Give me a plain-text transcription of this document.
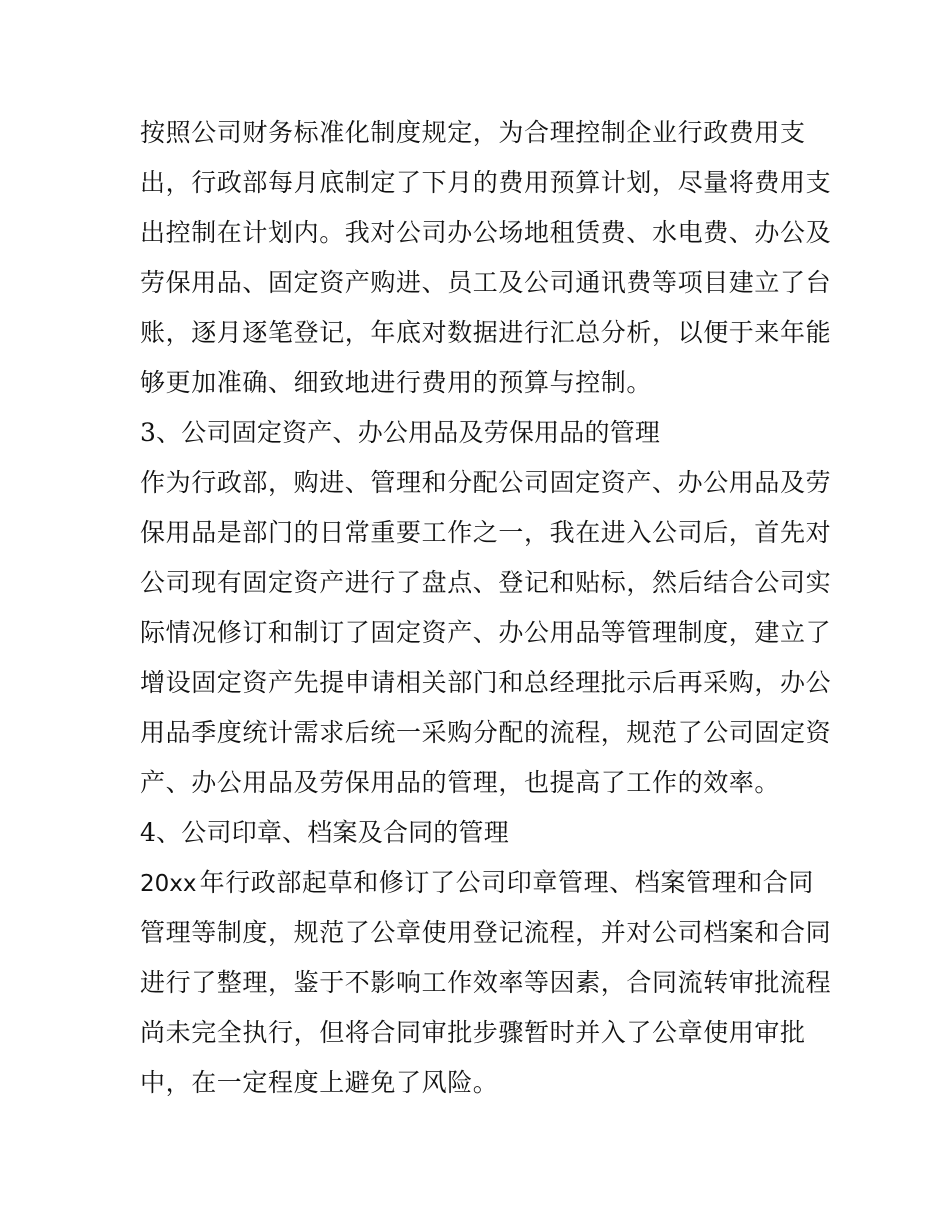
按照公司财务标准化制度规定，为合理控制企业行政费用支
出，行政部每月底制定了下月的费用预算计划，尽量将费用支
出控制在计划内。我对公司办公场地租赁费、水电费、办公及
劳保用品、固定资产购进、员工及公司通讯费等项目建立了台
账，逐月逐笔登记，年底对数据进行汇总分析，以便于来年能
够更加准确、细致地进行费用的预算与控制。
3、公司固定资产、办公用品及劳保用品的管理
作为行政部，购进、管理和分配公司固定资产、办公用品及劳
保用品是部门的日常重要工作之一，我在进入公司后，首先对
公司现有固定资产进行了盘点、登记和贴标，然后结合公司实
际情况修订和制订了固定资产、办公用品等管理制度，建立了
增设固定资产先提申请相关部门和总经理批示后再采购，办公
用品季度统计需求后统一采购分配的流程，规范了公司固定资
产、办公用品及劳保用品的管理，也提高了工作的效率。
4、公司印章、档案及合同的管理
20xx  年行政部起草和修订了公司印章管理、档案管理和合同
管理等制度，规范了公章使用登记流程，并对公司档案和合同
进行了整理，鉴于不影响工作效率等因素，合同流转审批流程
尚未完全执行，但将合同审批步骤暂时并入了公章使用审批
中，在一定程度上避免了风险。
